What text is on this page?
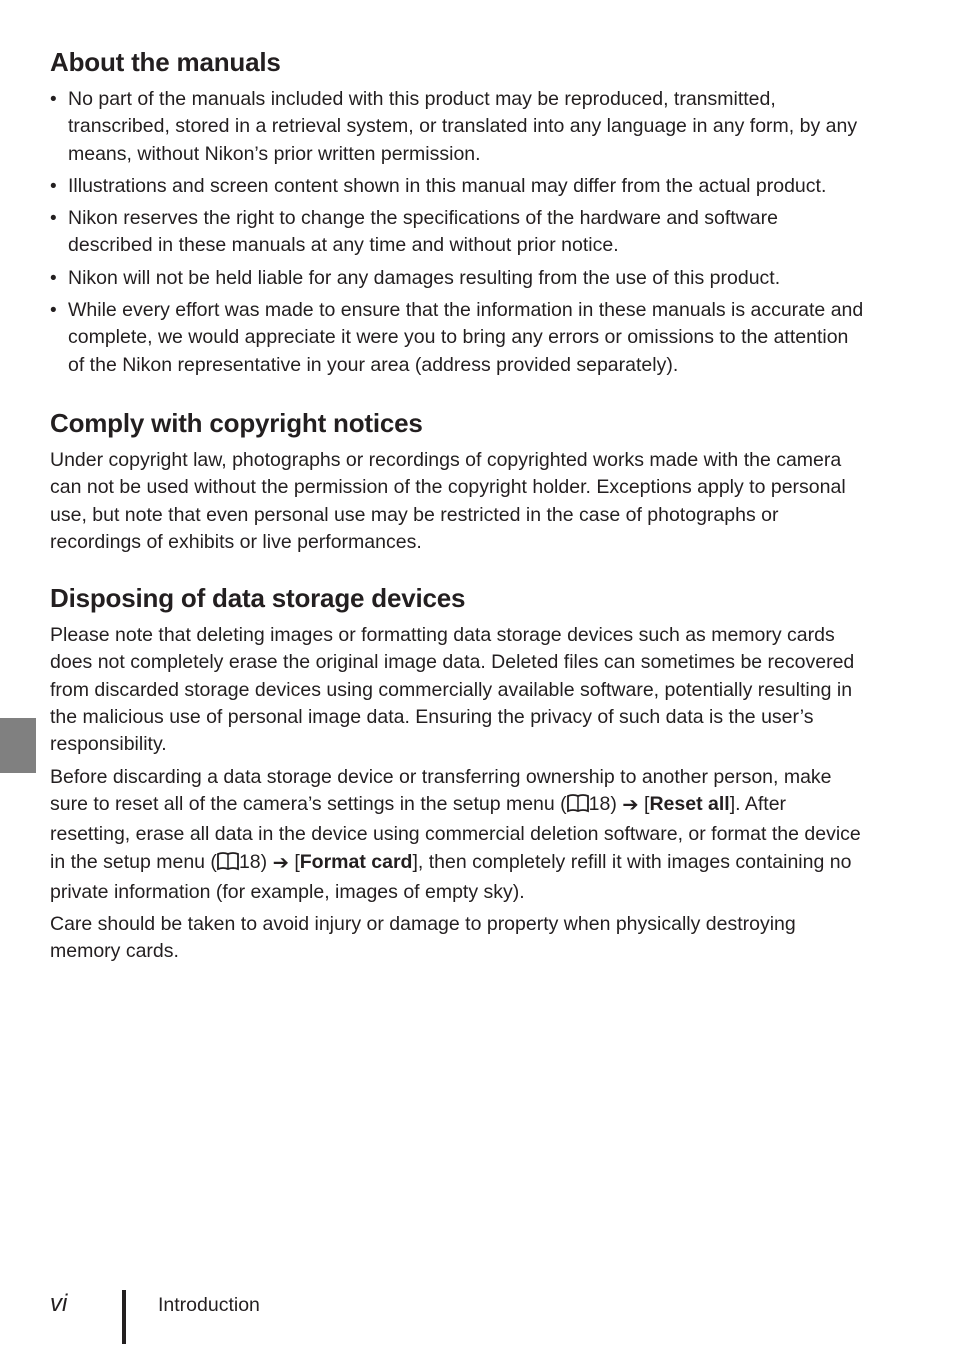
About the manuals
• No part of the manuals included with this product may be reproduced, transmitted, transcribed, stored in a retrieval system, or translated into any language in any form, by any means, without Nikon’s prior written permission.
• Illustrations and screen content shown in this manual may differ from the actual product.
• Nikon reserves the right to change the specifications of the hardware and software described in these manuals at any time and without prior notice.
• Nikon will not be held liable for any damages resulting from the use of this product.
• While every effort was made to ensure that the information in these manuals is accurate and complete, we would appreciate it were you to bring any errors or omissions to the attention of the Nikon representative in your area (address provided separately).
Comply with copyright notices

Under copyright law, photographs or recordings of copyrighted works made with the camera can not be used without the permission of the copyright holder. Exceptions apply to personal use, but note that even personal use may be restricted in the case of photographs or recordings of exhibits or live performances.

Disposing of data storage devices

Please note that deleting images or formatting data storage devices such as memory cards does not completely erase the original image data. Deleted files can sometimes be recovered from discarded storage devices using commercially available software, potentially resulting in the malicious use of personal image data. Ensuring the privacy of such data is the user’s responsibility.

Before discarding a data storage device or transferring ownership to another person, make sure to reset all of the camera’s settings in the setup menu ( 18) ➔ [Reset all]. After resetting, erase all data in the device using commercial deletion software, or format the device in the setup menu ( 18) ➔ [Format card], then completely refill it with images containing no private information (for example, images of empty sky).

Care should be taken to avoid injury or damage to property when physically destroying memory cards.

vi	Introduction
